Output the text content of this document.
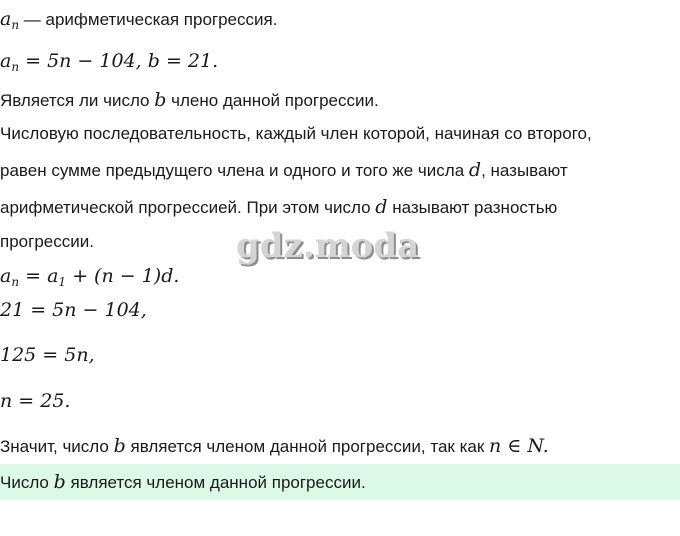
$a_n$ — арифметическая прогрессия.
$a_n = 5n - 104$, b = 21.
Является ли число b члено данной прогрессии.
Числовую последовательность, каждый член которой, начиная со второго,
равен сумме предыдущего члена и одного и того же числа d, называют
арифметической прогрессией. При этом число d называют разностью
прогрессии.	gdz.moda
$a_n = a_1 + (n - 1)d$.
21 = 5n − 104,
125 = 5n,
n = 25.
Значит, число b является членом данной прогрессии, так как n ∈ N.
Число b является членом данной прогрессии.
